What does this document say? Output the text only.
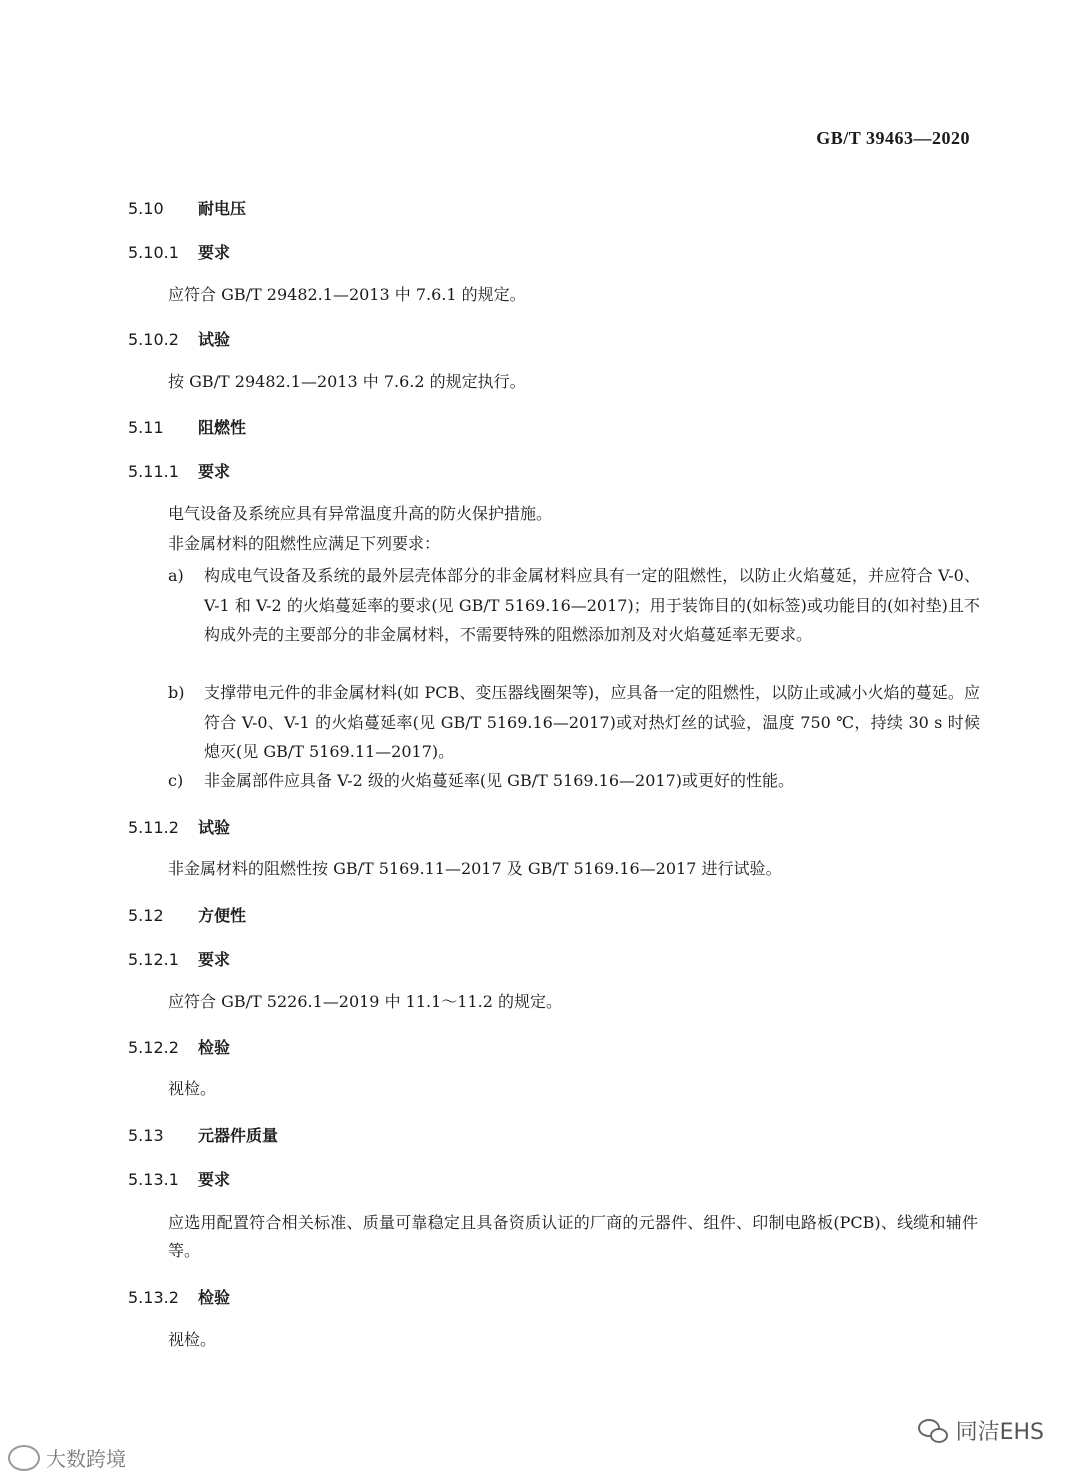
GB/T 39463—2020
5.10 耐电压
5.10.1 要求
应符合 GB/T 29482.1—2013 中 7.6.1 的规定。
5.10.2 试验
按 GB/T 29482.1—2013 中 7.6.2 的规定执行。
5.11 阻燃性
5.11.1 要求
电气设备及系统应具有异常温度升高的防火保护措施。
非金属材料的阻燃性应满足下列要求：
a) 构成电气设备及系统的最外层壳体部分的非金属材料应具有一定的阻燃性，以防止火焰蔓延，并应符合 V-0、V-1 和 V-2 的火焰蔓延率的要求(见 GB/T 5169.16—2017)；用于装饰目的(如标签)或功能目的(如衬垫)且不构成外壳的主要部分的非金属材料，不需要特殊的阻燃添加剂及对火焰蔓延率无要求。
b) 支撑带电元件的非金属材料(如 PCB、变压器线圈架等)，应具备一定的阻燃性，以防止或减小火焰的蔓延。应符合 V-0、V-1 的火焰蔓延率(见 GB/T 5169.16—2017)或对热灯丝的试验，温度 750 ℃，持续 30 s 时候熄灭(见 GB/T 5169.11—2017)。
c) 非金属部件应具备 V-2 级的火焰蔓延率(见 GB/T 5169.16—2017)或更好的性能。
5.11.2 试验
非金属材料的阻燃性按 GB/T 5169.11—2017 及 GB/T 5169.16—2017 进行试验。
5.12 方便性
5.12.1 要求
应符合 GB/T 5226.1—2019 中 11.1～11.2 的规定。
5.12.2 检验
视检。
5.13 元器件质量
5.13.1 要求
应选用配置符合相关标准、质量可靠稳定且具备资质认证的厂商的元器件、组件、印制电路板(PCB)、线缆和辅件等。
5.13.2 检验
视检。
大数跨境
同洁EHS
